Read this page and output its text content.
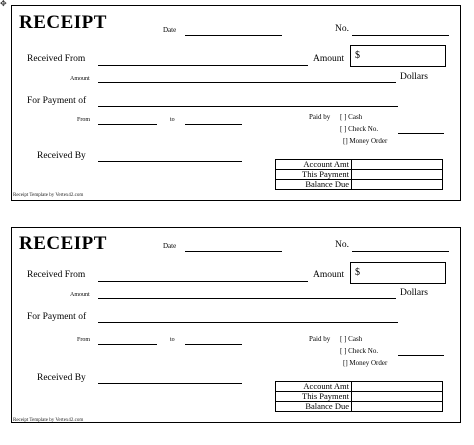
✥
RECEIPT	Date	No.
Received From	Amount	$
Amount	Dollars
For Payment of
From	to	Paid by [ ] Cash
[ ] Check No.
[] Money Order
Received By
Account Amt	
This Payment	
Balance Due	
Receipt Template by Vertex42.com
RECEIPT	Date	No.
Received From	Amount	$
Amount	Dollars
For Payment of
From	to	Paid by [ ] Cash
[ ] Check No.
[] Money Order
Received By
Account Amt	
This Payment	
Balance Due	
Receipt Template by Vertex42.com
